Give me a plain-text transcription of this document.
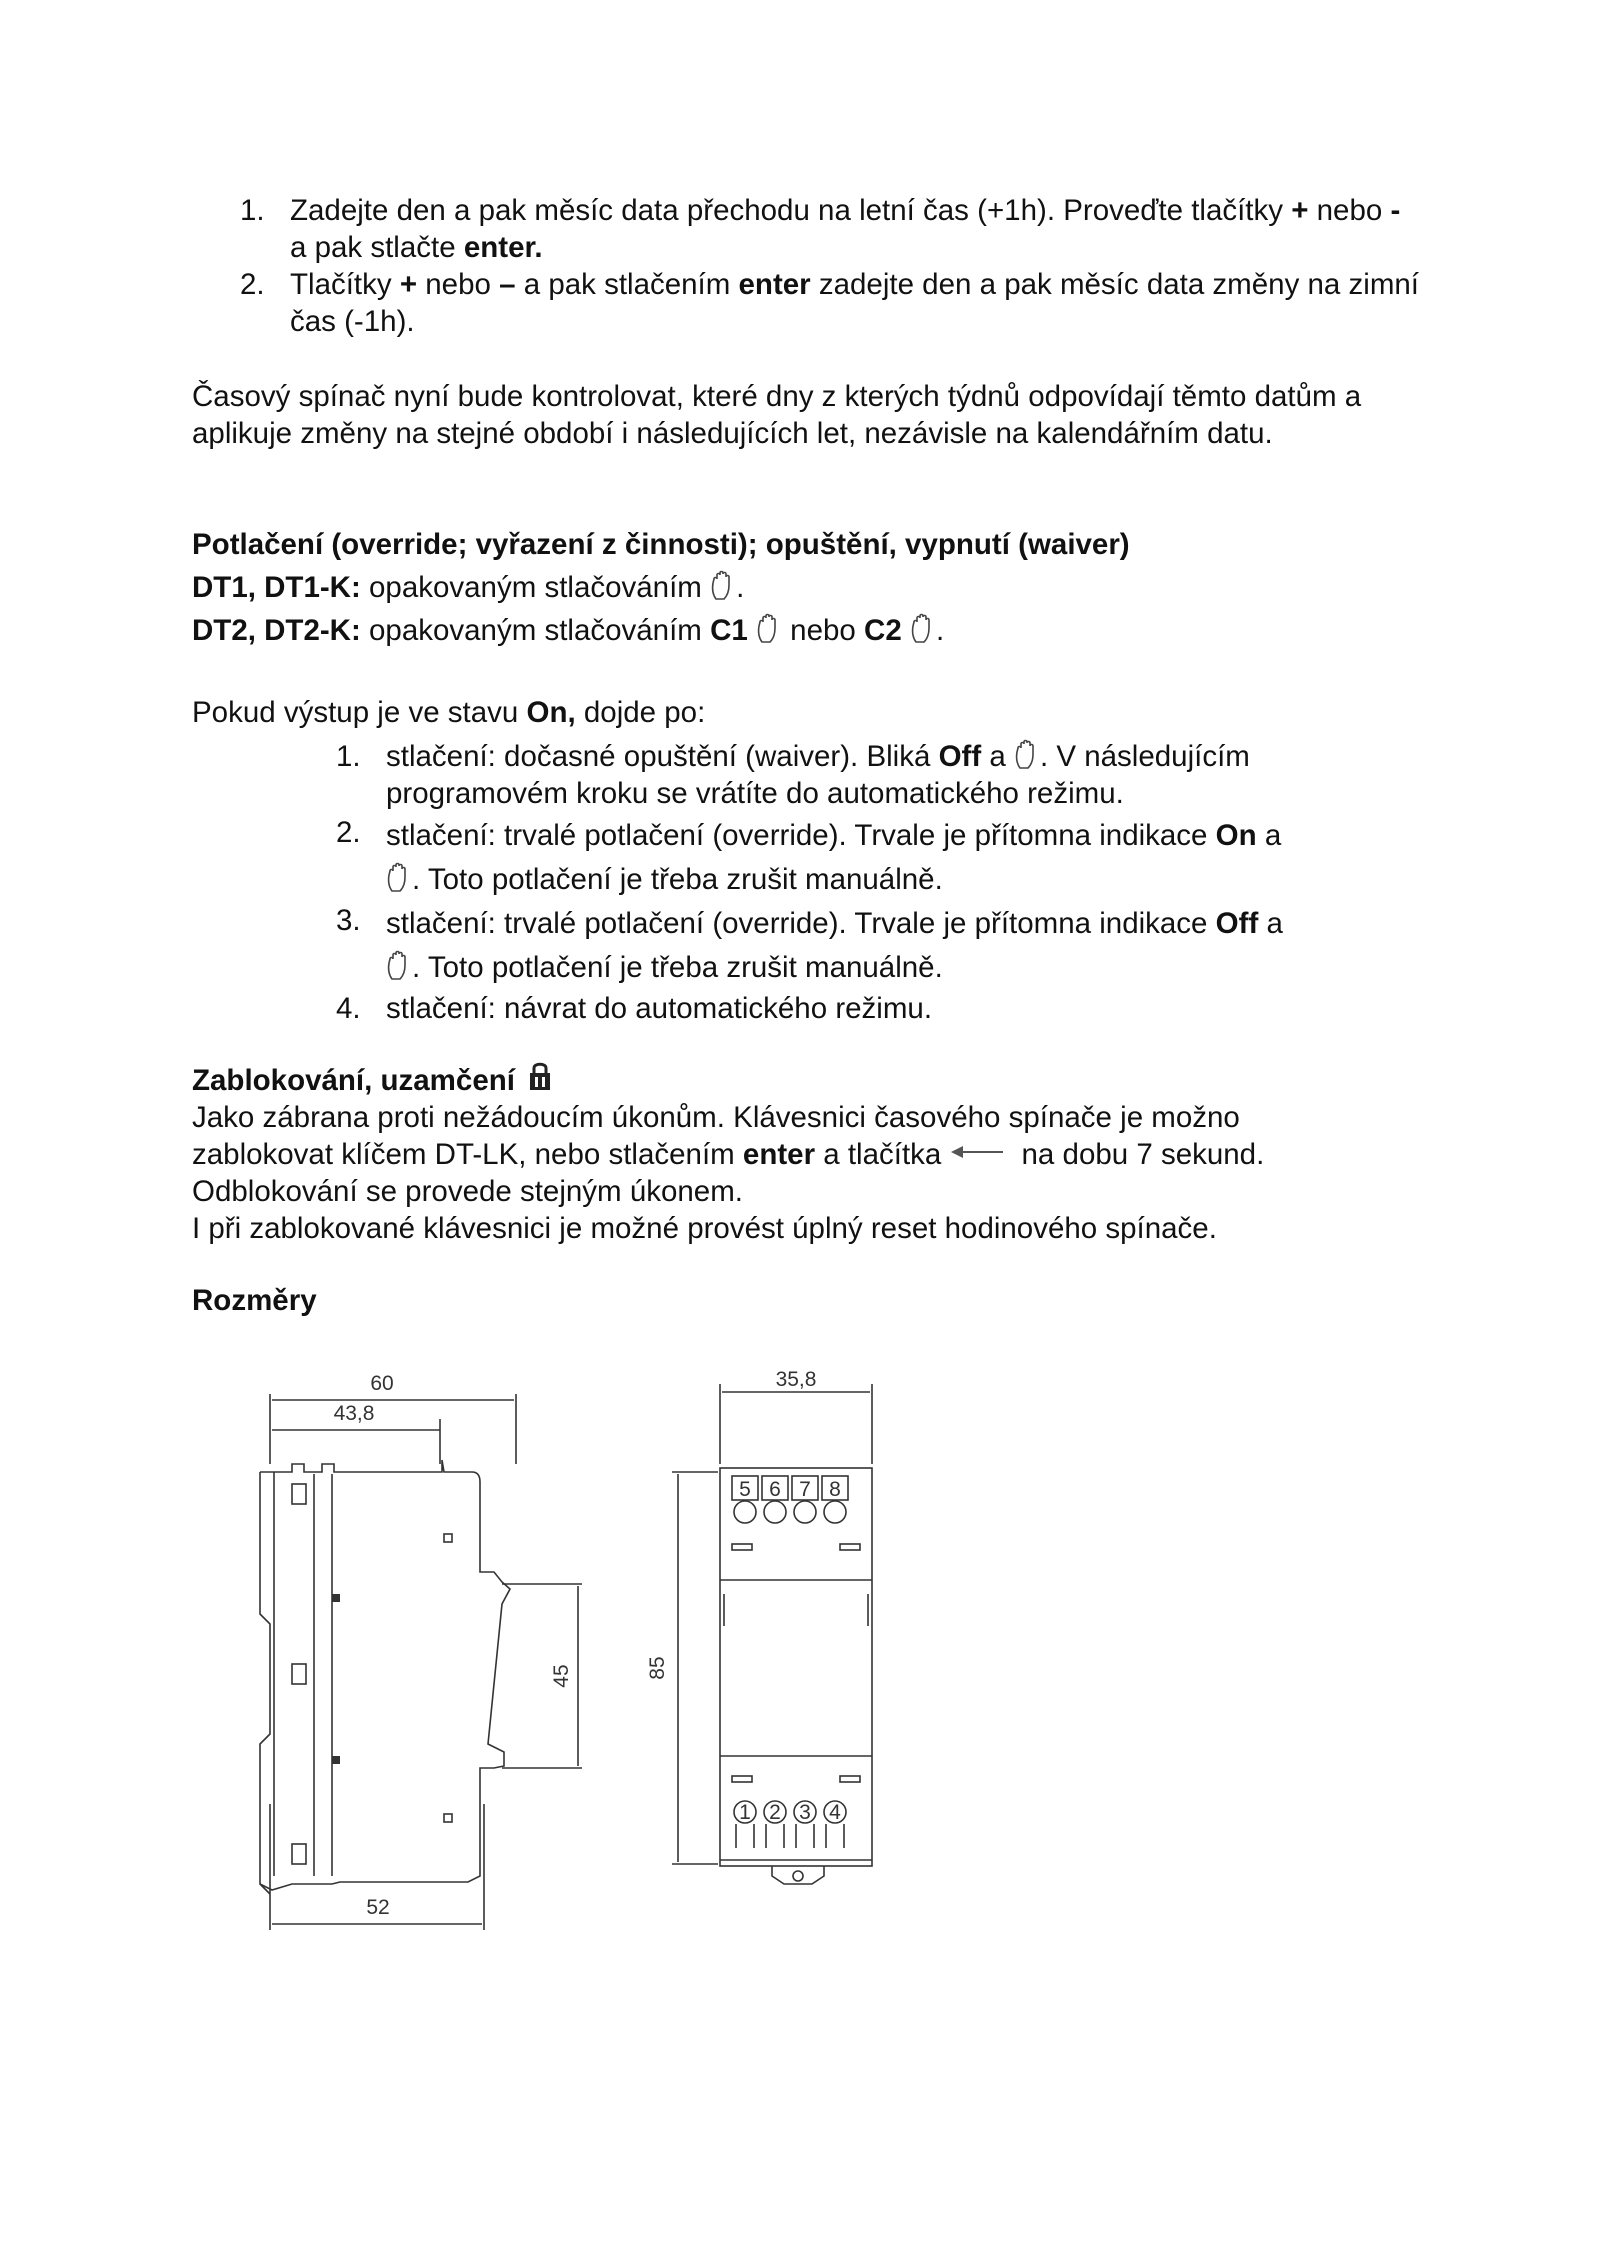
1. Zadejte den a pak měsíc data přechodu na letní čas (+1h). Proveďte tlačítky + nebo - a pak stlačte enter.

2. Tlačítky + nebo – a pak stlačením enter zadejte den a pak měsíc data změny na zimní čas (-1h).

Časový spínač nyní bude kontrolovat, které dny z kterých týdnů odpovídají těmto datům a aplikuje změny na stejné období i následujících let, nezávisle na kalendářním datu.

Potlačení (override; vyřazení z činnosti); opuštění, vypnutí (waiver)

DT1, DT1-K: opakovaným stlačováním
.

DT2, DT2-K: opakovaným stlačováním C1
nebo C2 .

Pokud výstup je ve stavu On, dojde po:

1. stlačení: dočasné opuštění (waiver). Bliká Off a
. V následujícím programovém kroku se vrátíte do automatického režimu.

2. stlačení: trvalé potlačení (override). Trvale je přítomna indikace On a

. Toto potlačení je třeba zrušit manuálně.

3. stlačení: trvalé potlačení (override). Trvale je přítomna indikace Off a

. Toto potlačení je třeba zrušit manuálně.

4. stlačení: návrat do automatického režimu.

Zablokování, uzamčení

Jako zábrana proti nežádoucím úkonům. Klávesnici časového spínače je možno

zablokovat klíčem DT-LK, nebo stlačením enter a tlačítka
na dobu 7 sekund.

Odblokování se provede stejným úkonem.

I při zablokované klávesnici je možné provést úplný reset hodinového spínače.

Rozměry

60
43,8
52
45
35,8
85
5 6 7 8
1 2 3 4
